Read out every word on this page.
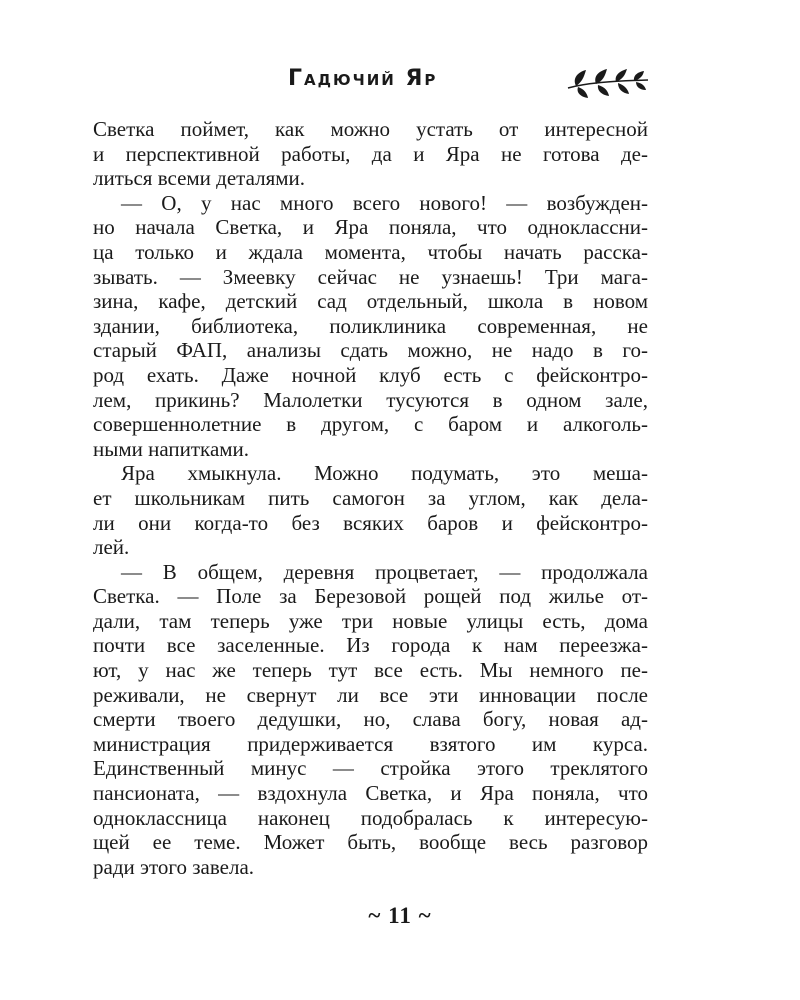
Гадючий Яр
Светка поймет, как можно устать от интересной
и перспективной работы, да и Яра не готова де-
литься всеми деталями.
— О, у нас много всего нового! — возбужден-
но начала Светка, и Яра поняла, что одноклассни-
ца только и ждала момента, чтобы начать расска-
зывать. — Змеевку сейчас не узнаешь! Три мага-
зина, кафе, детский сад отдельный, школа в новом
здании, библиотека, поликлиника современная, не
старый ФАП, анализы сдать можно, не надо в го-
род ехать. Даже ночной клуб есть с фейсконтро-
лем, прикинь? Малолетки тусуются в одном зале,
совершеннолетние в другом, с баром и алкоголь-
ными напитками.
Яра хмыкнула. Можно подумать, это меша-
ет школьникам пить самогон за углом, как дела-
ли они когда-то без всяких баров и фейсконтро-
лей.
— В общем, деревня процветает, — продолжала
Светка. — Поле за Березовой рощей под жилье от-
дали, там теперь уже три новые улицы есть, дома
почти все заселенные. Из города к нам переезжа-
ют, у нас же теперь тут все есть. Мы немного пе-
реживали, не свернут ли все эти инновации после
смерти твоего дедушки, но, слава богу, новая ад-
министрация придерживается взятого им курса.
Единственный минус — стройка этого треклятого
пансионата, — вздохнула Светка, и Яра поняла, что
одноклассница наконец подобралась к интересую-
щей ее теме. Может быть, вообще весь разговор
ради этого завела.
~ 11 ~
